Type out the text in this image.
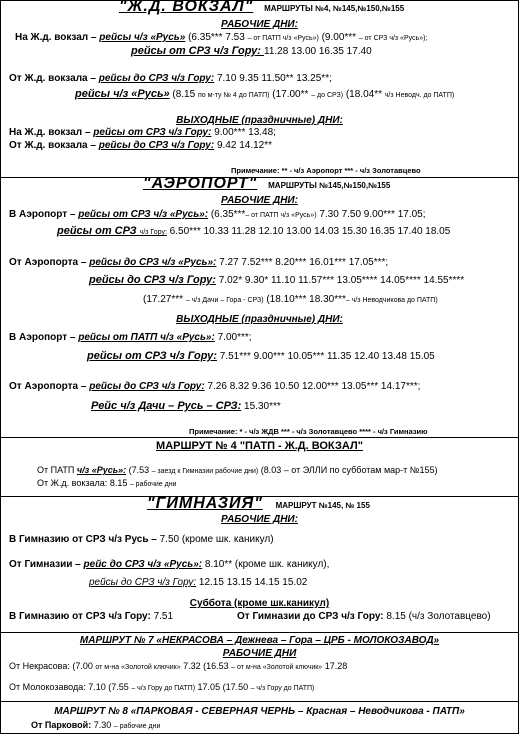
"Ж.Д. ВОКЗАЛ" МАРШРУТЫ №4, №145,№150,№155
РАБОЧИЕ ДНИ:
На Ж.д. вокзал – рейсы ч/з «Русь» (6.35*** 7.53 – от ПАТП ч/з «Русь») (9.00*** – от СРЗ ч/з «Русь»);
рейсы от СРЗ ч/з Гору: 11.28 13.00 16.35 17.40
От Ж.д. вокзала – рейсы до СРЗ ч/з Гору: 7.10 9.35 11.50** 13.25**;
рейсы ч/з «Русь» (8.15 по м-ту № 4 до ПАТП) (17.00** – до СРЗ) (18.04** ч/з Неводч. до ПАТП)
ВЫХОДНЫЕ (праздничные) ДНИ:
На Ж.д. вокзал – рейсы от СРЗ ч/з Гору: 9.00*** 13.48;
От Ж.д. вокзала – рейсы до СРЗ ч/з Гору: 9.42 14.12**
Примечание: ** - ч/з Аэропорт *** - ч/з Золотавцево
"АЭРОПОРТ" МАРШРУТЫ №145,№150,№155
РАБОЧИЕ ДНИ:
В Аэропорт – рейсы от СРЗ ч/з «Русь»: (6.35***– от ПАТП ч/з «Русь») 7.30 7.50 9.00*** 17.05;
рейсы от СРЗ ч/з Гору: 6.50*** 10.33 11.28 12.10 13.00 14.03 15.30 16.35 17.40 18.05
От Аэропорта – рейсы до СРЗ ч/з «Русь»: 7.27 7.52*** 8.20*** 16.01*** 17.05***;
рейсы до СРЗ ч/з Гору: 7.02* 9.30* 11.10 11.57*** 13.05**** 14.05**** 14.55****
(17.27*** – ч/з Дачи – Гора - СРЗ) (18.10*** 18.30***– ч/з Неводчикова до ПАТП)
ВЫХОДНЫЕ (праздничные) ДНИ:
В Аэропорт – рейсы от ПАТП ч/з «Русь»: 7.00***;
рейсы от СРЗ ч/з Гору: 7.51*** 9.00*** 10.05*** 11.35 12.40 13.48 15.05
От Аэропорта – рейсы до СРЗ ч/з Гору: 7.26 8.32 9.36 10.50 12.00*** 13.05*** 14.17***;
Рейс ч/з Дачи – Русь – СРЗ: 15.30***
Примечание: * - ч/з ЖДВ *** - ч/з Золотавцево **** - ч/з Гимназию
МАРШРУТ № 4 "ПАТП - Ж.Д. ВОКЗАЛ"
От ПАТП ч/з «Русь»: (7.53 – заезд к Гимназии рабочие дни) (8.03 – от ЭЛЛИ по субботам мар-т №155)
От Ж.д. вокзала: 8.15 – рабочие дни
"ГИМНАЗИЯ" МАРШРУТ №145, № 155
РАБОЧИЕ ДНИ:
В Гимназию от СРЗ ч/з Русь – 7.50 (кроме шк. каникул)
От Гимназии – рейс до СРЗ ч/з «Русь»: 8.10** (кроме шк. каникул),
рейсы до СРЗ ч/з Гору: 12.15 13.15 14.15 15.02
Суббота (кроме шк.каникул)
В Гимназию от СРЗ ч/з Гору: 7.51	От Гимназии до СРЗ ч/з Гору: 8.15 (ч/з Золотавцево)
МАРШРУТ № 7 «НЕКРАСОВА – Дежнева – Гора – ЦРБ - МОЛОКОЗАВОД»
РАБОЧИЕ ДНИ
От Некрасова: (7.00 от м-на «Золотой ключик» 7.32 (16.53 – от м-на «Золотой ключик» 17.28
От Молокозавода: 7.10 (7.55 – ч/з Гору до ПАТП) 17.05 (17.50 – ч/з Гору до ПАТП)
МАРШРУТ № 8 «ПАРКОВАЯ - СЕВЕРНАЯ ЧЕРНЬ – Красная – Неводчикова - ПАТП»
От Парковой: 7.30 – рабочие дни
